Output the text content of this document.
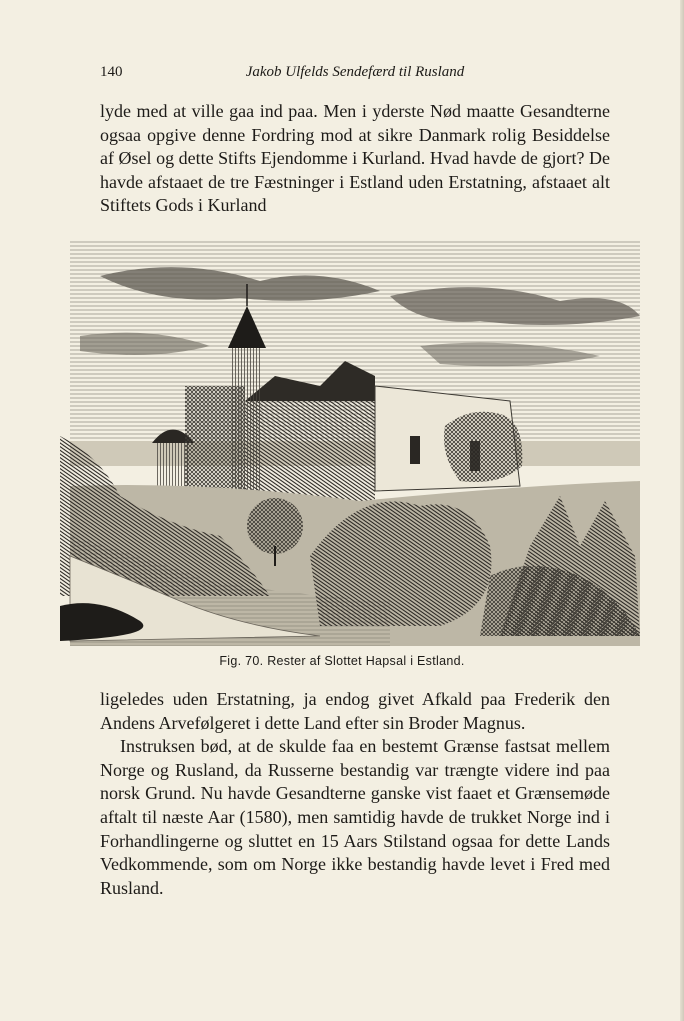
140	Jakob Ulfelds Sendefærd til Rusland

lyde med at ville gaa ind paa. Men i yderste Nød maatte Gesandterne ogsaa opgive denne Fordring mod at sikre Danmark rolig Besiddelse af Øsel og dette Stifts Ejendomme i Kurland. Hvad havde de gjort? De havde afstaaet de tre Fæstninger i Estland uden Erstatning, afstaaet alt Stiftets Gods i Kurland

Fig. 70. Rester af Slottet Hapsal i Estland.

ligeledes uden Erstatning, ja endog givet Afkald paa Frederik den Andens Arvefølgeret i dette Land efter sin Broder Magnus.

Instruksen bød, at de skulde faa en bestemt Grænse fastsat mellem Norge og Rusland, da Russerne bestandig var trængte videre ind paa norsk Grund. Nu havde Gesandterne ganske vist faaet et Grænsemøde aftalt til næste Aar (1580), men samtidig havde de trukket Norge ind i Forhandlingerne og sluttet en 15 Aars Stilstand ogsaa for dette Lands Vedkommende, som om Norge ikke bestandig havde levet i Fred med Rusland.
